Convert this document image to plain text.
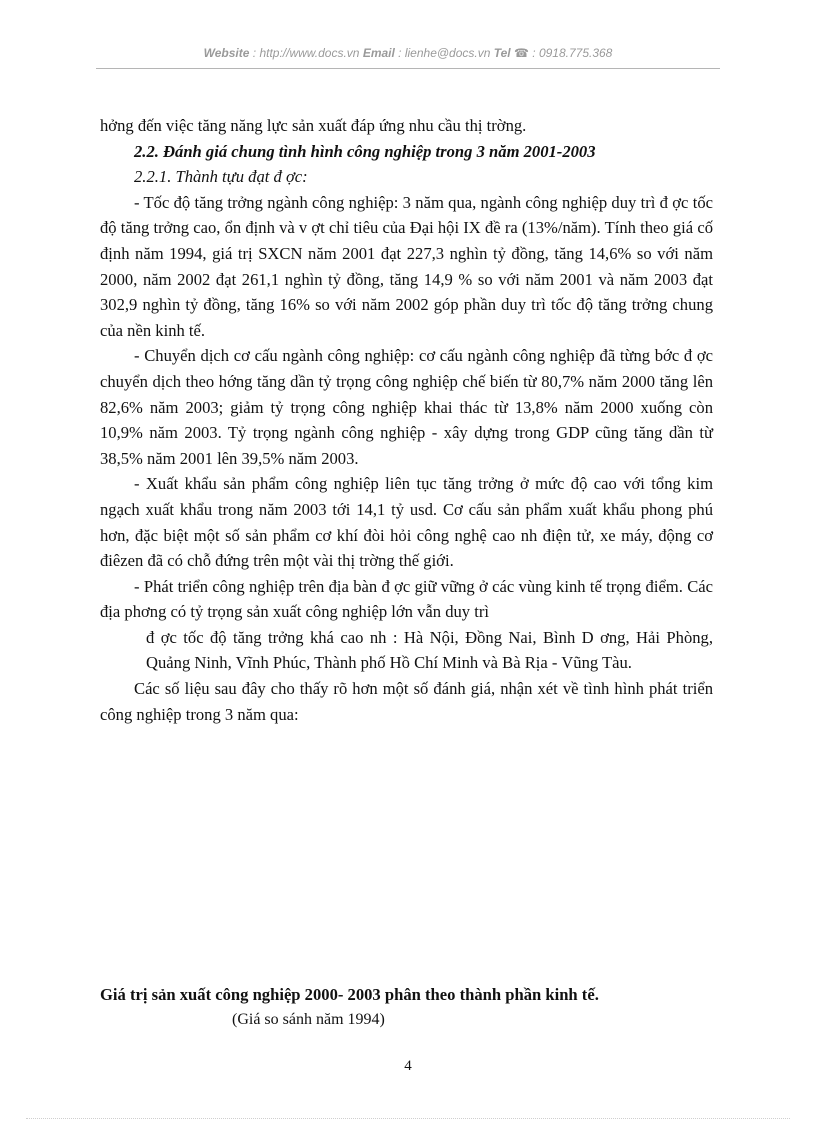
Website : http://www.docs.vn Email : lienhe@docs.vn Tel ☎ : 0918.775.368

hởng đến việc tăng năng lực sản xuất đáp ứng nhu cầu thị trờng.

2.2. Đánh giá chung tình hình công nghiệp trong 3 năm 2001-2003

2.2.1. Thành tựu đạt đ ợc:

- Tốc độ tăng trởng ngành công nghiệp: 3 năm qua, ngành công nghiệp duy trì đ ợc tốc độ tăng trởng cao, ổn định và v ợt chỉ tiêu của Đại hội IX đề ra (13%/năm). Tính theo giá cố định năm 1994, giá trị SXCN năm 2001 đạt 227,3 nghìn tỷ đồng, tăng 14,6% so với năm 2000, năm 2002 đạt 261,1 nghìn tỷ đồng, tăng 14,9 % so với năm 2001 và năm 2003 đạt 302,9 nghìn tỷ đồng, tăng 16% so với năm 2002 góp phần duy trì tốc độ tăng trởng chung của nền kinh tế.

- Chuyển dịch cơ cấu ngành công nghiệp: cơ cấu ngành công nghiệp đã từng bớc đ ợc chuyển dịch theo hớng tăng dần tỷ trọng công nghiệp chế biến từ 80,7% năm 2000 tăng lên 82,6% năm 2003; giảm tỷ trọng công nghiệp khai thác từ 13,8% năm 2000 xuống còn 10,9% năm 2003. Tỷ trọng ngành công nghiệp - xây dựng trong GDP cũng tăng dần từ 38,5% năm 2001 lên 39,5% năm 2003.

- Xuất khẩu sản phẩm công nghiệp liên tục tăng trởng ở mức độ cao với tổng kim ngạch xuất khẩu trong năm 2003 tới 14,1 tỷ usd. Cơ cấu sản phẩm xuất khẩu phong phú hơn, đặc biệt một số sản phẩm cơ khí đòi hỏi công nghệ cao nh điện tử, xe máy, động cơ điêzen đã có chỗ đứng trên một vài thị trờng thế giới.

- Phát triển công nghiệp trên địa bàn đ ợc giữ vững ở các vùng kinh tế trọng điểm. Các địa phơng có tỷ trọng sản xuất công nghiệp lớn vẫn duy trì

đ ợc tốc độ tăng trởng khá cao nh : Hà Nội, Đồng Nai, Bình D ơng, Hải Phòng, Quảng Ninh, Vĩnh Phúc, Thành phố Hồ Chí Minh và Bà Rịa - Vũng Tàu.

Các số liệu sau đây cho thấy rõ hơn một số đánh giá, nhận xét về tình hình phát triển công nghiệp trong 3 năm qua:

Giá trị sản xuất công nghiệp 2000- 2003 phân theo thành phần kinh tế.
(Giá so sánh năm 1994)
4
